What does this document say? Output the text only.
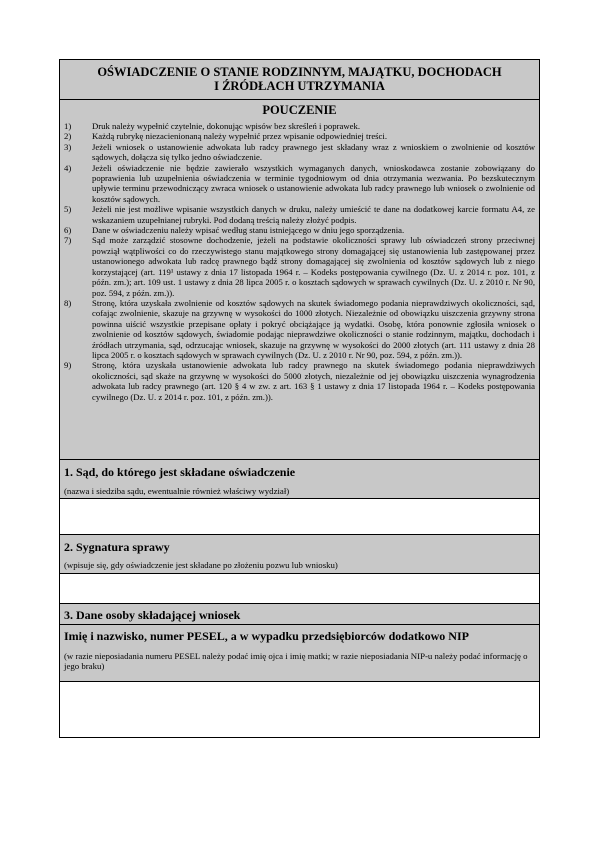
OŚWIADCZENIE O STANIE RODZINNYM, MAJĄTKU, DOCHODACH
I ŹRÓDŁACH UTRZYMANIA
POUCZENIE
1)	Druk należy wypełnić czytelnie, dokonując wpisów bez skreśleń i poprawek.
2)	Każdą rubrykę niezacienionaną należy wypełnić przez wpisanie odpowiedniej treści.
3)	Jeżeli wniosek o ustanowienie adwokata lub radcy prawnego jest składany wraz z wnioskiem o zwolnienie od kosztów sądowych, dołącza się tylko jedno oświadczenie.
4)	Jeżeli oświadczenie nie będzie zawierało wszystkich wymaganych danych, wnioskodawca zostanie zobowiązany do poprawienia lub uzupełnienia oświadczenia w terminie tygodniowym od dnia otrzymania wezwania. Po bezskutecznym upływie terminu przewodniczący zwraca wniosek o ustanowienie adwokata lub radcy prawnego lub wniosek o zwolnienie od kosztów sądowych.
5)	Jeżeli nie jest możliwe wpisanie wszystkich danych w druku, należy umieścić te dane na dodatkowej karcie formatu A4, ze wskazaniem uzupełnianej rubryki. Pod dodaną treścią należy złożyć podpis.
6)	Dane w oświadczeniu należy wpisać według stanu istniejącego w dniu jego sporządzenia.
7)	Sąd może zarządzić stosowne dochodzenie, jeżeli na podstawie okoliczności sprawy lub oświadczeń strony przeciwnej powziął wątpliwości co do rzeczywistego stanu majątkowego strony domagającej się ustanowienia lub zastępowanej przez ustanowionego adwokata lub radcę prawnego bądź strony domagającej się zwolnienia od kosztów sądowych lub z niego korzystającej (art. 119¹ ustawy z dnia 17 listopada 1964 r. – Kodeks postępowania cywilnego (Dz. U. z 2014 r. poz. 101, z późn. zm.); art. 109 ust. 1 ustawy z dnia 28 lipca 2005 r. o kosztach sądowych w sprawach cywilnych (Dz. U. z 2010 r. Nr 90, poz. 594, z późn. zm.)).
8)	Stronę, która uzyskała zwolnienie od kosztów sądowych na skutek świadomego podania nieprawdziwych okoliczności, sąd, cofając zwolnienie, skazuje na grzywnę w wysokości do 1000 złotych. Niezależnie od obowiązku uiszczenia grzywny strona powinna uiścić wszystkie przepisane opłaty i pokryć obciążające ją wydatki. Osobę, która ponownie zgłosiła wniosek o zwolnienie od kosztów sądowych, świadomie podając nieprawdziwe okoliczności o stanie rodzinnym, majątku, dochodach i źródłach utrzymania, sąd, odrzucając wniosek, skazuje na grzywnę w wysokości do 2000 złotych (art. 111 ustawy z dnia 28 lipca 2005 r. o kosztach sądowych w sprawach cywilnych (Dz. U. z 2010 r. Nr 90, poz. 594, z późn. zm.)).
9)	Stronę, która uzyskała ustanowienie adwokata lub radcy prawnego na skutek świadomego podania nieprawdziwych okoliczności, sąd skaże na grzywnę w wysokości do 5000 złotych, niezależnie od jej obowiązku uiszczenia wynagrodzenia adwokata lub radcy prawnego (art. 120 § 4 w zw. z art. 163 § 1 ustawy z dnia 17 listopada 1964 r. – Kodeks postępowania cywilnego (Dz. U. z 2014 r. poz. 101, z późn. zm.)).
1. Sąd, do którego jest składane oświadczenie
(nazwa i siedziba sądu, ewentualnie również właściwy wydział)
2. Sygnatura sprawy
(wpisuje się, gdy oświadczenie jest składane po złożeniu pozwu lub wniosku)
3. Dane osoby składającej wniosek
Imię i nazwisko, numer PESEL, a w wypadku przedsiębiorców dodatkowo NIP
(w razie nieposiadania numeru PESEL należy podać imię ojca i imię matki; w razie nieposiadania NIP-u należy podać informację o jego braku)
